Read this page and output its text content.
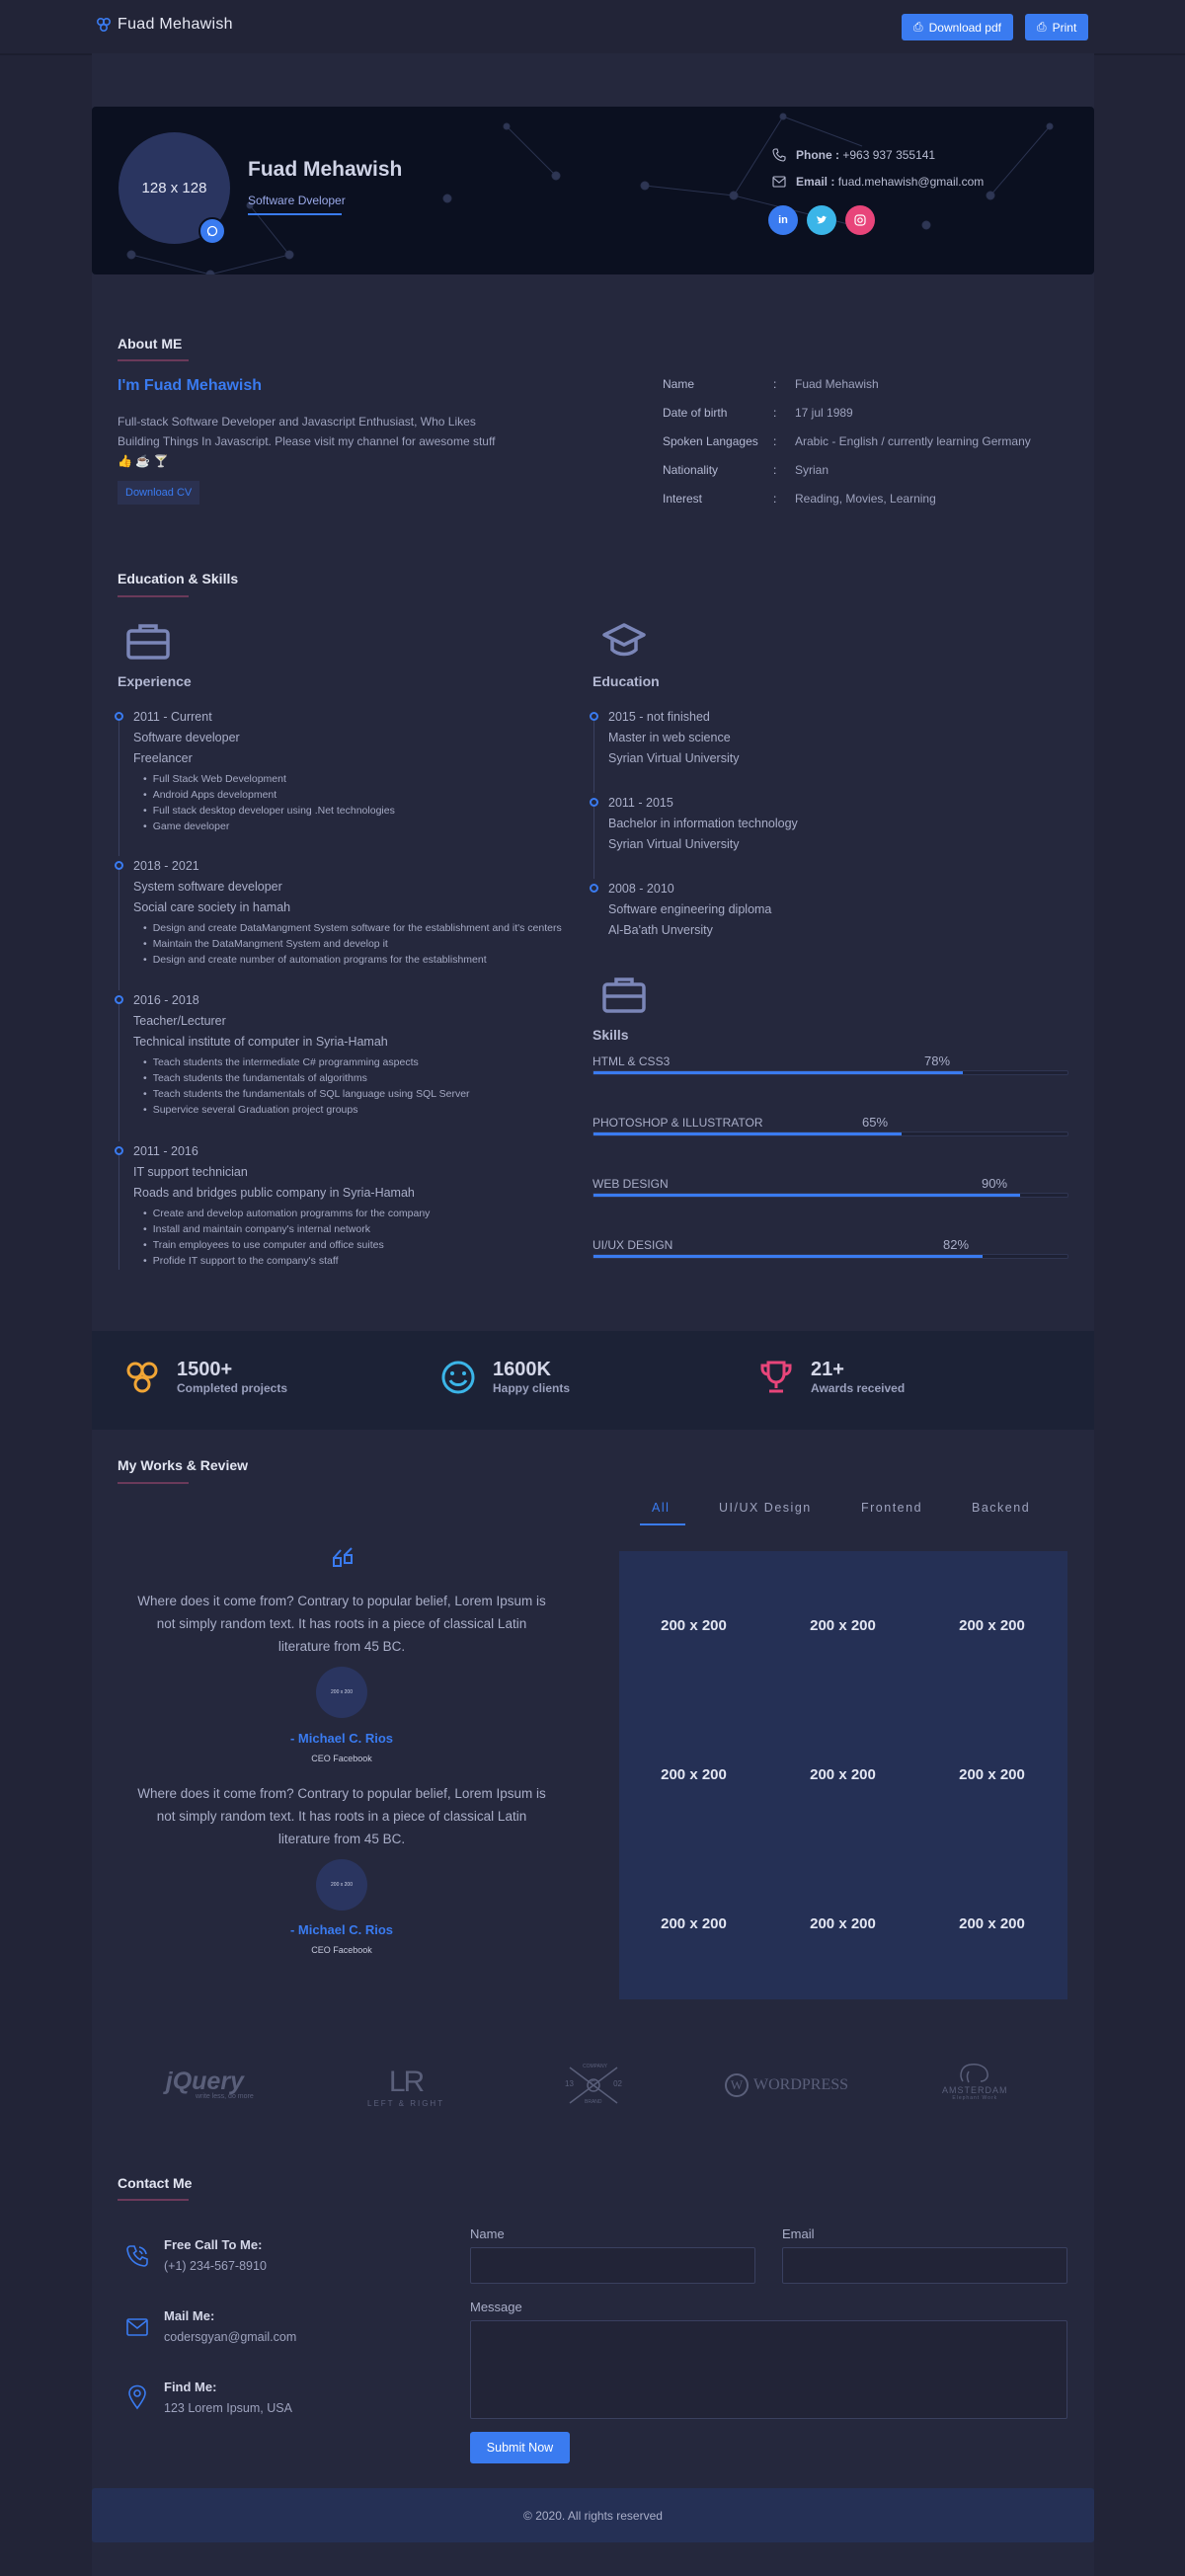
Fuad Mehawish	⎙ Download pdf	⎙ Print
128 x 128
Fuad Mehawish
Software Dveloper
Phone : +963 937 355141
Email : fuad.mehawish@gmail.com
in
About ME
I'm Fuad Mehawish
Full-stack Software Developer and Javascript Enthusiast, Who Likes
Building Things In Javascript. Please visit my channel for awesome stuff
👍 ☕ 🍸
Download CV
Name	:	Fuad Mehawish
Date of birth	:	17 jul 1989
Spoken Langages	:	Arabic - English / currently learning Germany
Nationality	:	Syrian
Interest	:	Reading, Movies, Learning
Education & Skills
Experience
2011 - Current
Software developer
Freelancer
• Full Stack Web Development
• Android Apps development
• Full stack desktop developer using .Net technologies
• Game developer
2018 - 2021
System software developer
Social care society in hamah
• Design and create DataMangment System software for the establishment and it's centers
• Maintain the DataMangment System and develop it
• Design and create number of automation programs for the establishment
2016 - 2018
Teacher/Lecturer
Technical institute of computer in Syria-Hamah
• Teach students the intermediate C# programming aspects
• Teach students the fundamentals of algorithms
• Teach students the fundamentals of SQL language using SQL Server
• Supervice several Graduation project groups
2011 - 2016
IT support technician
Roads and bridges public company in Syria-Hamah
• Create and develop automation programms for the company
• Install and maintain company's internal network
• Train employees to use computer and office suites
• Profide IT support to the company's staff
Education
2015 - not finished
Master in web science
Syrian Virtual University
2011 - 2015
Bachelor in information technology
Syrian Virtual University
2008 - 2010
Software engineering diploma
Al-Ba'ath Unversity
Skills
HTML & CSS3	78%
PHOTOSHOP & ILLUSTRATOR	65%
WEB DESIGN	90%
UI/UX DESIGN	82%
1500+
Completed projects
1600K
Happy clients
21+
Awards received
My Works & Review
All	UI/UX Design	Frontend	Backend
Where does it come from? Contrary to popular belief, Lorem Ipsum is
not simply random text. It has roots in a piece of classical Latin
literature from 45 BC.
200 x 200
- Michael C. Rios
CEO Facebook
Where does it come from? Contrary to popular belief, Lorem Ipsum is
not simply random text. It has roots in a piece of classical Latin
literature from 45 BC.
200 x 200
- Michael C. Rios
CEO Facebook
200 x 200	200 x 200	200 x 200
200 x 200	200 x 200	200 x 200
200 x 200	200 x 200	200 x 200
jQuery
write less, do more	LR
LEFT & RIGHT
13 C 02
COMPANY
BRAND
W WORDPRESS	AMSTERDAM
Elephant Work
Contact Me
Free Call To Me:
(+1) 234-567-8910
Mail Me:
codersgyan@gmail.com
Find Me:
123 Lorem Ipsum, USA
Name	Email
Message
Submit Now
© 2020. All rights reserved
